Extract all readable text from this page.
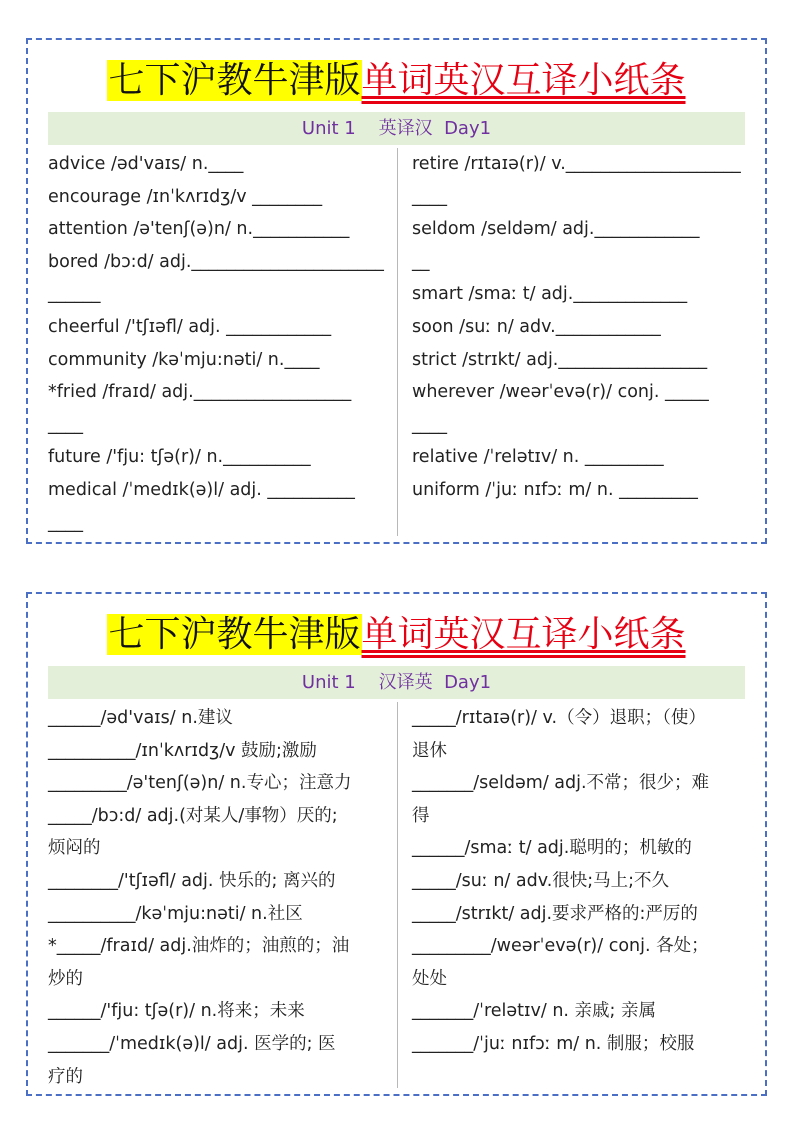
七下沪教牛津版单词英汉互译小纸条
Unit 1    英译汉  Day1

advice /əd'vaɪs/ n.____

encourage /ɪnˈkʌrɪdʒ/v ________

attention /ə'tenʃ(ə)n/ n.___________

bored /bɔ:d/ adj.______________________

______

cheerful /'tʃɪəfl/ adj. ____________

community /kəˈmju:nəti/ n.____

*fried /fraɪd/ adj.__________________

____

future /'fju: tʃə(r)/ n.__________

medical /ˈmedɪk(ə)l/ adj. __________

____

retire /rɪtaɪə(r)/ v.____________________

____

seldom /seldəm/ adj.____________

__

smart /smaː t/ adj._____________

soon /suː n/ adv.____________

strict /strɪkt/ adj._________________

wherever /weərˈevə(r)/ conj. _____

____

relative /ˈrelətɪv/ n. _________

uniform /ˈjuː nɪfɔː m/ n. _________

七下沪教牛津版单词英汉互译小纸条
Unit 1    汉译英  Day1

______/əd'vaɪs/ n.建议

__________/ɪnˈkʌrɪdʒ/v 鼓励;激励

_________/ə'tenʃ(ə)n/ n.专心；注意力

_____/bɔ:d/ adj.(对某人/事物）厌的;

烦闷的

________/'tʃɪəfl/ adj. 快乐的; 离兴的

__________/kəˈmju:nəti/ n.社区

*_____/fraɪd/ adj.油炸的；油煎的；油

炒的

______/'fju: tʃə(r)/ n.将来；未来

_______/ˈmedɪk(ə)l/ adj. 医学的; 医

疗的

_____/rɪtaɪə(r)/ v.（令）退职；（使）

退休

_______/seldəm/ adj.不常；很少；难

得

______/smaː t/ adj.聪明的；机敏的

_____/suː n/ adv.很快;马上;不久

_____/strɪkt/ adj.要求严格的:严厉的

_________/weərˈevə(r)/ conj. 各处；

处处

_______/ˈrelətɪv/ n. 亲戚; 亲属

_______/ˈjuː nɪfɔː m/ n. 制服；校服
